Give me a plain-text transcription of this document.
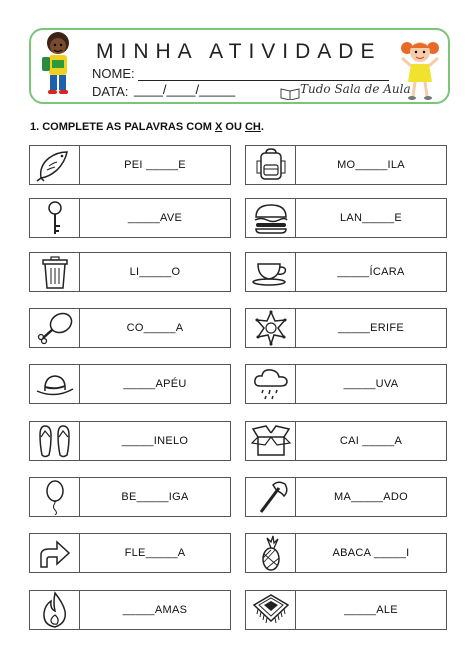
MINHA ATIVIDADE
NOME:
DATA: ____/____/_____	Tudo Sala de Aula
1. COMPLETE AS PALAVRAS COM X OU CH.
PEI _____E
_____AVE
LI_____O
CO_____A
_____APÉU
_____INELO
BE_____IGA
FLE_____A
_____AMAS
MO_____ILA
LAN_____E
_____ÍCARA
_____ERIFE
_____UVA
CAI _____A
MA_____ADO
ABACA _____I
_____ALE
